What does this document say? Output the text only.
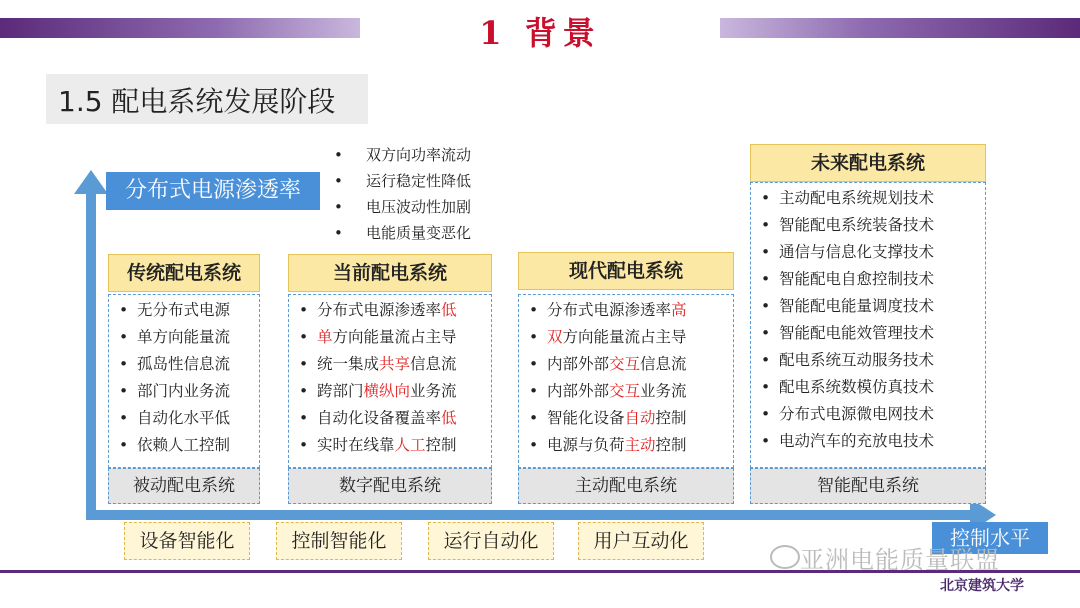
1 背景
1.5 配电系统发展阶段
分布式电源渗透率
控制水平
• 双方向功率流动
• 运行稳定性降低
• 电压波动性加剧
• 电能质量变恶化
传统配电系统
• 无分布式电源
• 单方向能量流
• 孤岛性信息流
• 部门内业务流
• 自动化水平低
• 依赖人工控制
被动配电系统
当前配电系统
• 分布式电源渗透率低
• 单方向能量流占主导
• 统一集成共享信息流
• 跨部门横纵向业务流
• 自动化设备覆盖率低
• 实时在线靠人工控制
数字配电系统
现代配电系统
• 分布式电源渗透率高
• 双方向能量流占主导
• 内部外部交互信息流
• 内部外部交互业务流
• 智能化设备自动控制
• 电源与负荷主动控制
主动配电系统
未来配电系统
• 主动配电系统规划技术
• 智能配电系统装备技术
• 通信与信息化支撑技术
• 智能配电自愈控制技术
• 智能配电能量调度技术
• 智能配电能效管理技术
• 配电系统互动服务技术
• 配电系统数模仿真技术
• 分布式电源微电网技术
• 电动汽车的充放电技术
智能配电系统
设备智能化	控制智能化	运行自动化	用户互动化
亚洲电能质量联盟
北京建筑大学
